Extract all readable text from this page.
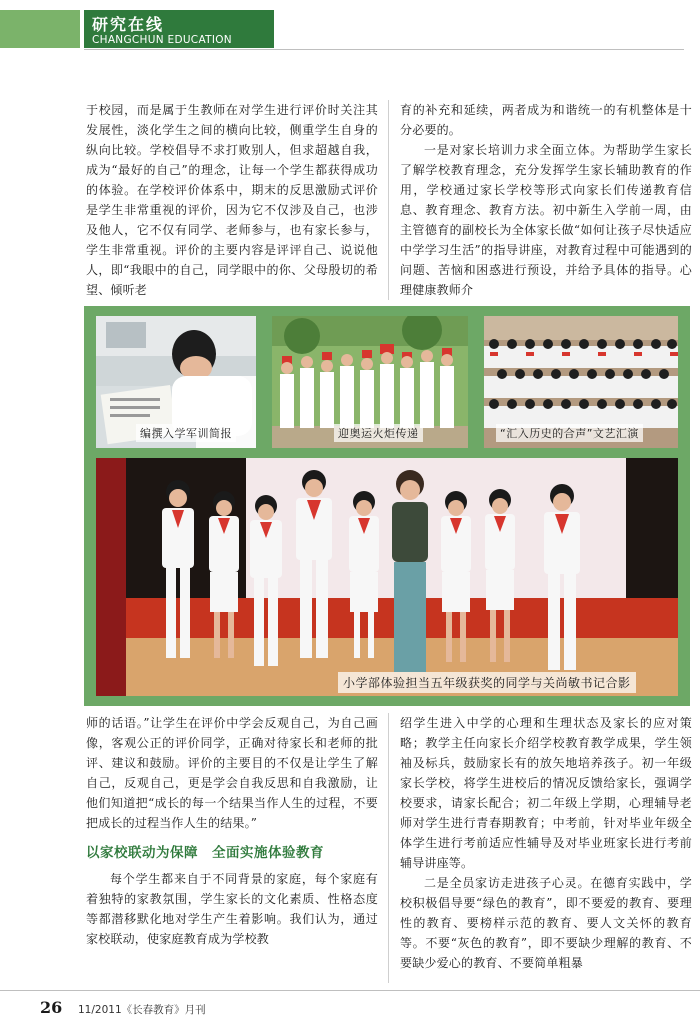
研究在线
CHANGCHUN EDUCATION

于校园，而是属于生教师在对学生进行评价时关注其发展性，淡化学生之间的横向比较，侧重学生自身的纵向比较。学校倡导不求打败别人，但求超越自我，成为“最好的自己”的理念，让每一个学生都获得成功的体验。在学校评价体系中，期末的反思激励式评价是学生非常重视的评价，因为它不仅涉及自己，也涉及他人，它不仅有同学、老师参与，也有家长参与，学生非常重视。评价的主要内容是评评自己、说说他人，即“我眼中的自己，同学眼中的你、父母殷切的希望、倾听老

育的补充和延续，两者成为和谐统一的有机整体是十分必要的。

一是对家长培训力求全面立体。为帮助学生家长了解学校教育理念，充分发挥学生家长辅助教育的作用，学校通过家长学校等形式向家长们传递教育信息、教育理念、教育方法。初中新生入学前一周，由主管德育的副校长为全体家长做“如何让孩子尽快适应中学学习生活”的指导讲座，对教育过程中可能遇到的问题、苦恼和困惑进行预设，并给予具体的指导。心理健康教师介

编撰入学军训简报	迎奥运火炬传递	“汇入历史的合声”文艺汇演
小学部体验担当五年级获奖的同学与关尚敏书记合影

师的话语。”让学生在评价中学会反观自己，为自己画像，客观公正的评价同学，正确对待家长和老师的批评、建议和鼓励。评价的主要目的不仅是让学生了解自己，反观自己，更是学会自我反思和自我激励，让他们知道把“成长的每一个结果当作人生的过程，不要把成长的过程当作人生的结果。”

以家校联动为保障　全面实施体验教育

每个学生都来自于不同背景的家庭，每个家庭有着独特的家教氛围，学生家长的文化素质、性格态度等都潜移默化地对学生产生着影响。我们认为，通过家校联动，使家庭教育成为学校教

绍学生进入中学的心理和生理状态及家长的应对策略；教学主任向家长介绍学校教育教学成果，学生领袖及标兵，鼓励家长有的放矢地培养孩子。初一年级家长学校，将学生进校后的情况反馈给家长，强调学校要求，请家长配合；初二年级上学期，心理辅导老师对学生进行青春期教育；中考前，针对毕业年级全体学生进行考前适应性辅导及对毕业班家长进行考前辅导讲座等。

二是全员家访走进孩子心灵。在德育实践中，学校积极倡导要“绿色的教育”，即不要爱的教育、要理性的教育、要榜样示范的教育、要人文关怀的教育等。不要“灰色的教育”，即不要缺少理解的教育、不要缺少爱心的教育、不要简单粗暴

26 11/2011《长春教育》月刊
